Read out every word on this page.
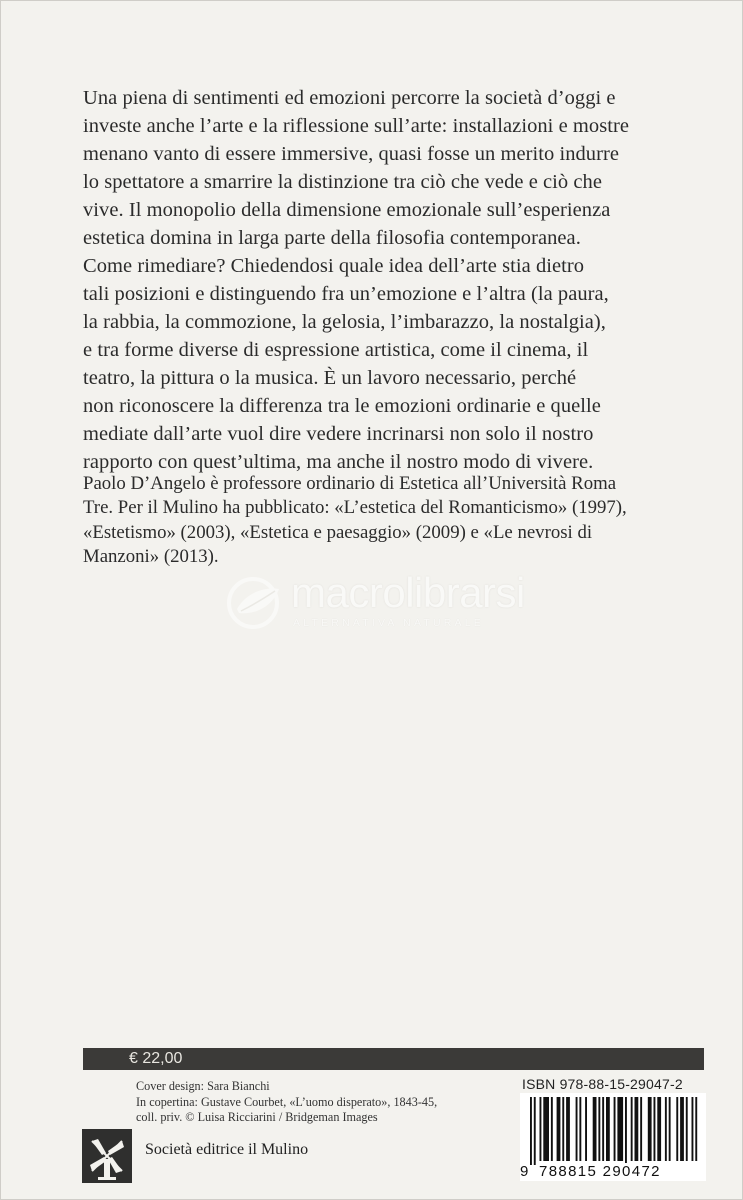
Una piena di sentimenti ed emozioni percorre la società d’oggi e
investe anche l’arte e la riflessione sull’arte: installazioni e mostre
menano vanto di essere immersive, quasi fosse un merito indurre
lo spettatore a smarrire la distinzione tra ciò che vede e ciò che
vive. Il monopolio della dimensione emozionale sull’esperienza
estetica domina in larga parte della filosofia contemporanea.
Come rimediare? Chiedendosi quale idea dell’arte stia dietro
tali posizioni e distinguendo fra un’emozione e l’altra (la paura,
la rabbia, la commozione, la gelosia, l’imbarazzo, la nostalgia),
e tra forme diverse di espressione artistica, come il cinema, il
teatro, la pittura o la musica. È un lavoro necessario, perché
non riconoscere la differenza tra le emozioni ordinarie e quelle
mediate dall’arte vuol dire vedere incrinarsi non solo il nostro
rapporto con quest’ultima, ma anche il nostro modo di vivere.
Paolo D’Angelo è professore ordinario di Estetica all’Università Roma
Tre. Per il Mulino ha pubblicato: «L’estetica del Romanticismo» (1997),
«Estetismo» (2003), «Estetica e paesaggio» (2009) e «Le nevrosi di
Manzoni» (2013).
macrolibrarsi
ALTERNATIVA NATURALE
€ 22,00
Cover design: Sara Bianchi
In copertina: Gustave Courbet, «L’uomo disperato», 1843-45,
coll. priv. © Luisa Ricciarini / Bridgeman Images
ISBN 978-88-15-29047-2
9 788815 290472
Società editrice il Mulino
